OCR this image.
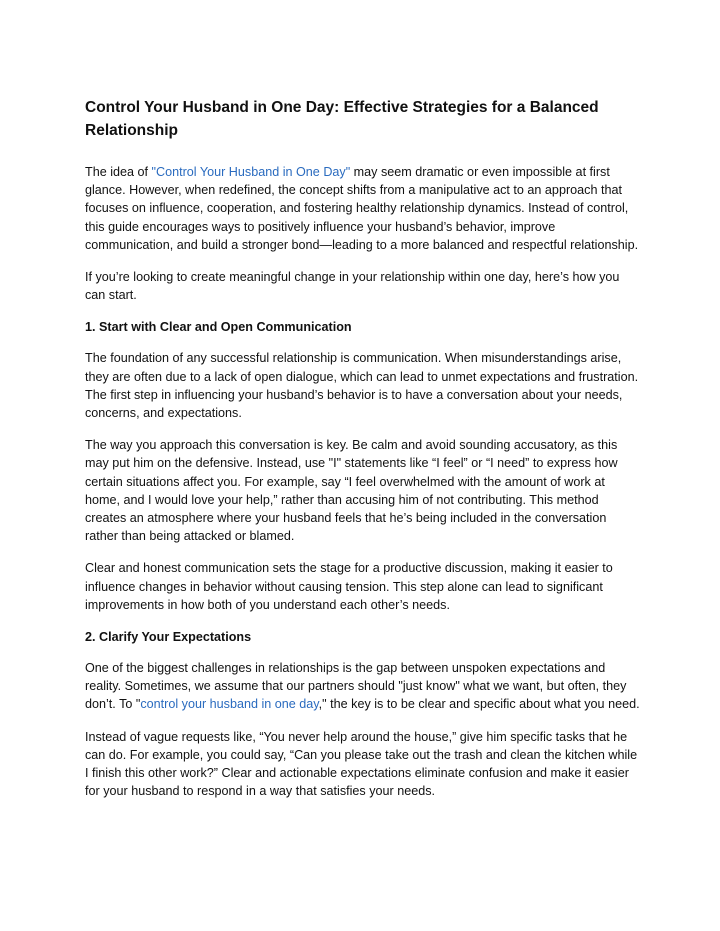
Control Your Husband in One Day: Effective Strategies for a Balanced Relationship

The idea of "Control Your Husband in One Day" may seem dramatic or even impossible at first glance. However, when redefined, the concept shifts from a manipulative act to an approach that focuses on influence, cooperation, and fostering healthy relationship dynamics. Instead of control, this guide encourages ways to positively influence your husband’s behavior, improve communication, and build a stronger bond—leading to a more balanced and respectful relationship.

If you’re looking to create meaningful change in your relationship within one day, here’s how you can start.

1. Start with Clear and Open Communication

The foundation of any successful relationship is communication. When misunderstandings arise, they are often due to a lack of open dialogue, which can lead to unmet expectations and frustration. The first step in influencing your husband’s behavior is to have a conversation about your needs, concerns, and expectations.

The way you approach this conversation is key. Be calm and avoid sounding accusatory, as this may put him on the defensive. Instead, use "I" statements like “I feel” or “I need” to express how certain situations affect you. For example, say “I feel overwhelmed with the amount of work at home, and I would love your help,” rather than accusing him of not contributing. This method creates an atmosphere where your husband feels that he’s being included in the conversation rather than being attacked or blamed.

Clear and honest communication sets the stage for a productive discussion, making it easier to influence changes in behavior without causing tension. This step alone can lead to significant improvements in how both of you understand each other’s needs.

2. Clarify Your Expectations

One of the biggest challenges in relationships is the gap between unspoken expectations and reality. Sometimes, we assume that our partners should "just know" what we want, but often, they don’t. To "control your husband in one day," the key is to be clear and specific about what you need.

Instead of vague requests like, “You never help around the house,” give him specific tasks that he can do. For example, you could say, “Can you please take out the trash and clean the kitchen while I finish this other work?” Clear and actionable expectations eliminate confusion and make it easier for your husband to respond in a way that satisfies your needs.
